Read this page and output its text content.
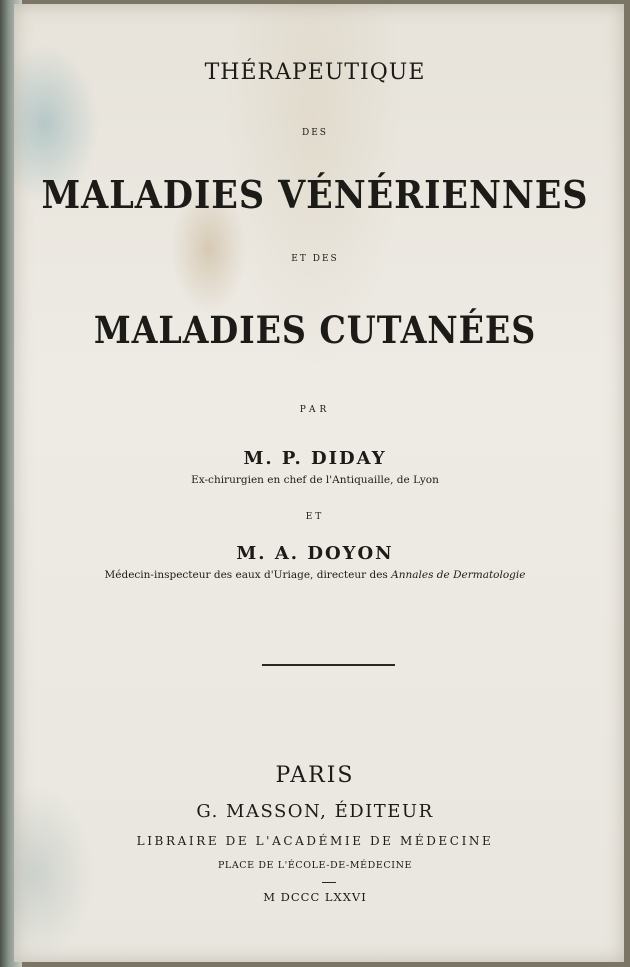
THÉRAPEUTIQUE
DES
MALADIES VÉNÉRIENNES
ET DES
MALADIES CUTANÉES
PAR
M. P. DIDAY
Ex-chirurgien en chef de l'Antiquaille, de Lyon
ET
M. A. DOYON
Médecin-inspecteur des eaux d'Uriage, directeur des Annales de Dermatologie
PARIS
G. MASSON, ÉDITEUR
LIBRAIRE DE L'ACADÉMIE DE MÉDECINE
PLACE DE L'ÉCOLE-DE-MÉDECINE
M DCCC LXXVI
